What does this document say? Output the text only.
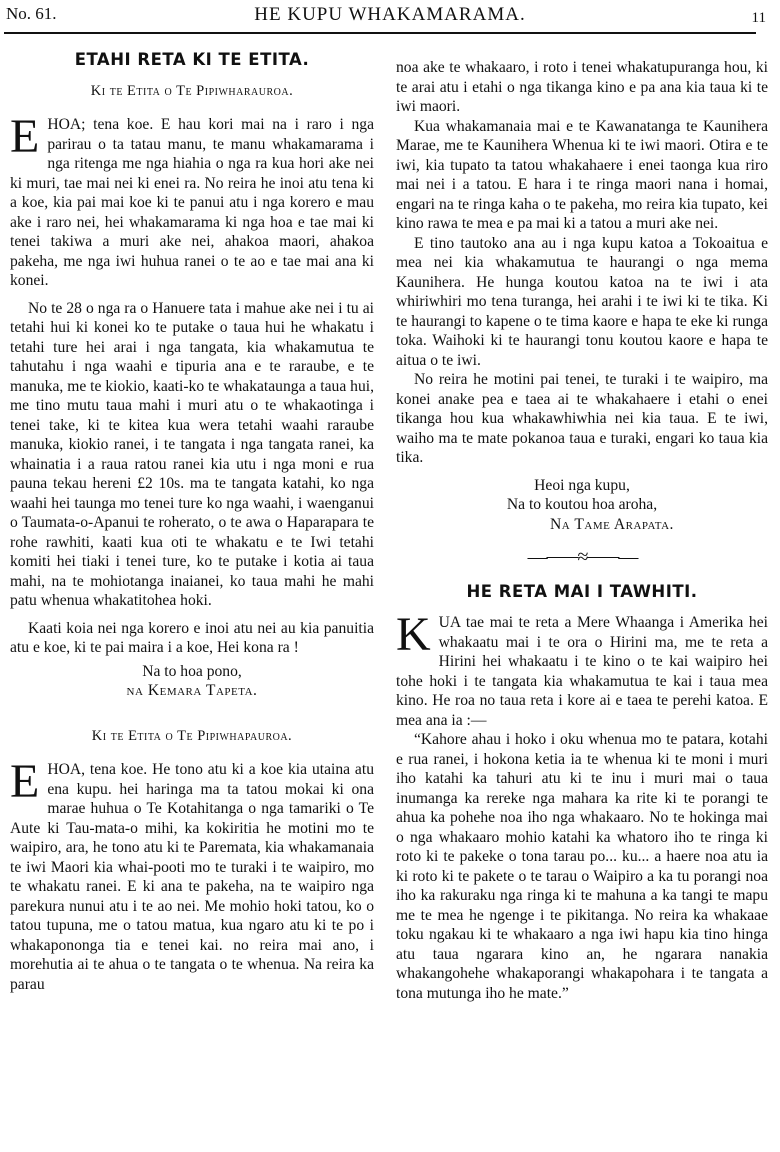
No. 61.	HE KUPU WHAKAMARAMA.	11
ETAHI RETA KI TE ETITA.
Ki te Etita o Te Pipiwharauroa.

EHOA; tena koe. E hau kori mai na i raro i nga parirau o ta tatau manu, te manu whakamarama i nga ritenga me nga hiahia o nga ra kua hori ake nei ki muri, tae mai nei ki enei ra. No reira he inoi atu tena ki a koe, kia pai mai koe ki te panui atu i nga korero e mau ake i raro nei, hei whakamarama ki nga hoa e tae mai ki tenei takiwa a muri ake nei, ahakoa maori, ahakoa pakeha, me nga iwi huhua ranei o te ao e tae mai ana ki konei.

No te 28 o nga ra o Hanuere tata i mahue ake nei i tu ai tetahi hui ki konei ko te putake o taua hui he whakatu i tetahi ture hei arai i nga tangata, kia whakamutua te tahutahu i nga waahi e tipuria ana e te raraube, e te manuka, me te kiokio, kaati-ko te whakataunga a taua hui, me tino mutu taua mahi i muri atu o te whakaotinga i tenei take, ki te kitea kua wera tetahi waahi raraube manuka, kiokio ranei, i te tangata i nga tangata ranei, ka whainatia i a raua ratou ranei kia utu i nga moni e rua pauna tekau hereni £2 10s. ma te tangata katahi, ko nga waahi hei taunga mo tenei ture ko nga waahi, i waenganui o Taumata-o-Apanui te roherato, o te awa o Haparapara te rohe rawhiti, kaati kua oti te whakatu e te Iwi tetahi komiti hei tiaki i tenei ture, ko te putake i kotia ai taua mahi, na te mohiotanga inaianei, ko taua mahi he mahi patu whenua whakatitohea hoki.

Kaati koia nei nga korero e inoi atu nei au kia panuitia atu e koe, ki te pai maira i a koe, Hei kona ra !

Na to hoa pono,
na Kemara Tapeta.
Ki te Etita o Te Pipiwhapauroa.

EHOA, tena koe. He tono atu ki a koe kia utaina atu ena kupu. hei haringa ma ta tatou mokai ki ona marae huhua o Te Kotahitanga o nga tamariki o Te Aute ki Tau-mata-o mihi, ka kokiritia he motini mo te waipiro, ara, he tono atu ki te Paremata, kia whakamanaia te iwi Maori kia whai-pooti mo te turaki i te waipiro, mo te whakatu ranei. E ki ana te pakeha, na te waipiro nga parekura nunui atu i te ao nei. Me mohio hoki tatou, ko o tatou tupuna, me o tatou matua, kua ngaro atu ki te po i whakapononga tia e tenei kai. no reira mai ano, i morehutia ai te ahua o te tangata o te whenua. Na reira ka parau

noa ake te whakaaro, i roto i tenei whakatupuranga hou, ki te arai atu i etahi o nga tikanga kino e pa ana kia taua ki te iwi maori.

Kua whakamanaia mai e te Kawanatanga te Kaunihera Marae, me te Kaunihera Whenua ki te iwi maori. Otira e te iwi, kia tupato ta tatou whakahaere i enei taonga kua riro mai nei i a tatou. E hara i te ringa maori nana i homai, engari na te ringa kaha o te pakeha, mo reira kia tupato, kei kino rawa te mea e pa mai ki a tatou a muri ake nei.

E tino tautoko ana au i nga kupu katoa a Tokoaitua e mea nei kia whakamutua te haurangi o nga mema Kaunihera. He hunga koutou katoa na te iwi i ata whiriwhiri mo tena turanga, hei arahi i te iwi ki te tika. Ki te haurangi to kapene o te tima kaore e hapa te eke ki runga toka. Waihoki ki te haurangi tonu koutou kaore e hapa te aitua o te iwi.

No reira he motini pai tenei, te turaki i te waipiro, ma konei anake pea e taea ai te whakahaere i etahi o enei tikanga hou kua whakawhiwhia nei kia taua. E te iwi, waiho ma te mate pokanoa taua e turaki, engari ko taua kia tika.

Heoi nga kupu,
Na to koutou hoa aroha,
Na Tame Arapata.
—⸺≈⸺—
HE RETA MAI I TAWHITI.

KUA tae mai te reta a Mere Whaanga i Amerika hei whakaatu mai i te ora o Hirini ma, me te reta a Hirini hei whakaatu i te kino o te kai waipiro hei tohe hoki i te tangata kia whakamutua te kai i taua mea kino. He roa no taua reta i kore ai e taea te perehi katoa. E mea ana ia :—

“Kahore ahau i hoko i oku whenua mo te patara, kotahi e rua ranei, i hokona ketia ia te whenua ki te moni i muri iho katahi ka tahuri atu ki te inu i muri mai o taua inumanga ka rereke nga mahara ka rite ki te porangi te ahua ka pohehe noa iho nga whakaaro. No te hokinga mai o nga whakaaro mohio katahi ka whatoro iho te ringa ki roto ki te pakeke o tona tarau po... ku... a haere noa atu ia ki roto ki te pakete o te tarau o Waipiro a ka tu porangi noa iho ka rakuraku nga ringa ki te mahuna a ka tangi te mapu me te mea he ngenge i te pikitanga. No reira ka whakaae toku ngakau ki te whakaaro a nga iwi hapu kia tino hinga atu taua ngarara kino an, he ngarara nanakia whakangohehe whakaporangi whakapohara i te tangata a tona mutunga iho he mate.”
